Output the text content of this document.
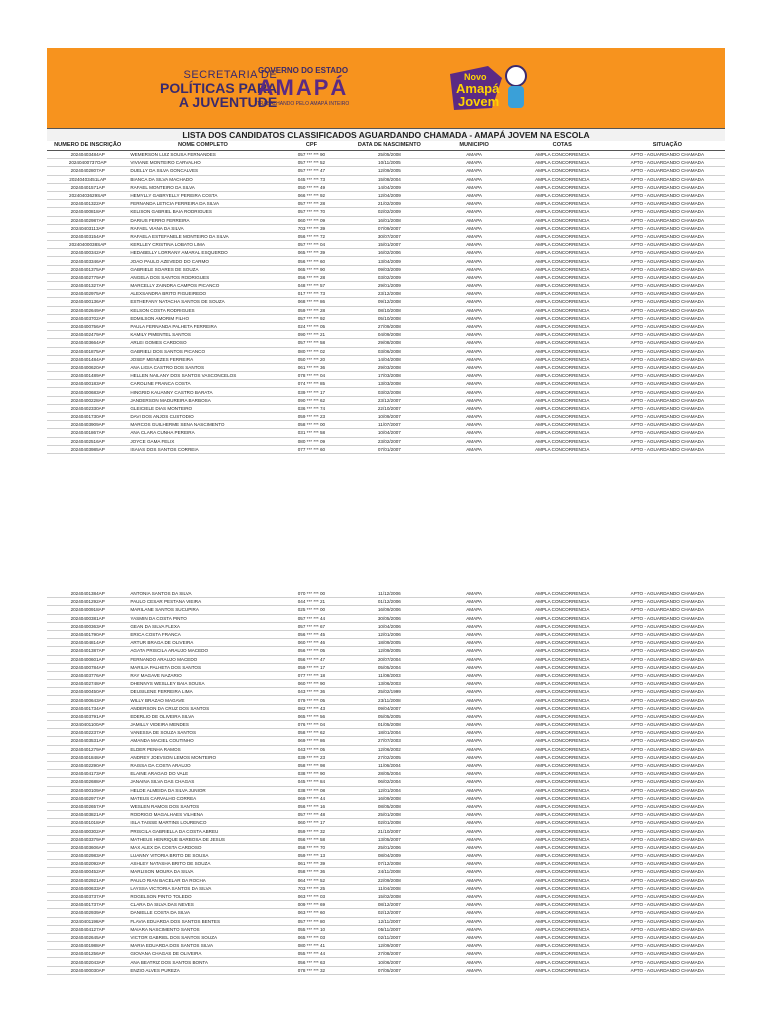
SECRETARIA DE
POLÍTICAS PARA
A JUVENTUDE
GOVERNO DO ESTADO
AMAPÁ
TRABALHANDO PELO AMAPÁ INTEIRO
Novo
Amapá
Jovem
LISTA DOS CANDIDATOS CLASSIFICADOS AGUARDANDO CHAMADA - AMAPÁ JOVEM NA ESCOLA
NUMERO DE INSCRIÇÃO	NOME COMPLETO	CPF	DATA DE NASCIMENTO	MUNICIPIO	COTAS	SITUAÇÃO
20240403484AP	WEMERSON LUIZ SOUSA FERNANDES	057 *** *** 90	25/05/2008	AMAPA	AMPLA CONCORRENCIA	APTO - AGUARDANDO CHAMADA
20240400737OAP	VIVIANE MONTEIRO CARVALHO	057 *** *** 52	10/11/2005	AMAPA	AMPLA CONCORRENCIA	APTO - AGUARDANDO CHAMADA
20240402807AP	DUELLY DA SILVA GONCALVES	057 *** *** 47	12/09/2005	AMAPA	AMPLA CONCORRENCIA	APTO - AGUARDANDO CHAMADA
20240403451LAP	BIANCA DA SILVA MACHADO	045 *** *** 73	15/08/2004	AMAPA	AMPLA CONCORRENCIA	APTO - AGUARDANDO CHAMADA
20240401571AP	RAFAEL MONTEIRO DA SILVA	050 *** *** 49	14/04/2009	AMAPA	AMPLA CONCORRENCIA	APTO - AGUARDANDO CHAMADA
20240403629SAP	HEMYLLY GABRYELLY PEREIRA COSTA	066 *** *** 92	12/04/2009	AMAPA	AMPLA CONCORRENCIA	APTO - AGUARDANDO CHAMADA
20240401322AP	FERNANDA LETICIA FERREIRA DA SILVA	057 *** *** 28	21/02/2009	AMAPA	AMPLA CONCORRENCIA	APTO - AGUARDANDO CHAMADA
20240400818AP	KELISON GABRIEL BAIA RODRIGUES	057 *** *** 70	02/02/2009	AMAPA	AMPLA CONCORRENCIA	APTO - AGUARDANDO CHAMADA
20240402987AP	DARIUS FERRO FERREIRA	060 *** *** 09	16/01/2008	AMAPA	AMPLA CONCORRENCIA	APTO - AGUARDANDO CHAMADA
20240403113AP	RAFAEL VIANA DA SILVA	703 *** *** 39	07/09/2007	AMAPA	AMPLA CONCORRENCIA	APTO - AGUARDANDO CHAMADA
20240403154AP	RAFAELA ESTEFANELE MONTEIRO DA SILVA	056 *** *** 72	30/07/2007	AMAPA	AMPLA CONCORRENCIA	APTO - AGUARDANDO CHAMADA
20240400038SAP	KERLLEY CRISTINA LOBATO LIMA	057 *** *** 04	15/01/2007	AMAPA	AMPLA CONCORRENCIA	APTO - AGUARDANDO CHAMADA
20240400342AP	HEDABELLY LORRANY AMARAL ESQUERDO	065 *** *** 39	16/02/2006	AMAPA	AMPLA CONCORRENCIA	APTO - AGUARDANDO CHAMADA
20240403346AP	JOAO PAULO AZEVEDO DO CARMO	056 *** *** 60	13/04/2009	AMAPA	AMPLA CONCORRENCIA	APTO - AGUARDANDO CHAMADA
20240401375AP	GABRIELE SOARES DE SOUZA	065 *** *** 90	09/03/2009	AMAPA	AMPLA CONCORRENCIA	APTO - AGUARDANDO CHAMADA
20240402779AP	ANGELA DOS SANTOS RODRIGUES	056 *** *** 28	03/02/2009	AMAPA	AMPLA CONCORRENCIA	APTO - AGUARDANDO CHAMADA
20240401327AP	MARCELLY ZAINDRA CAMPOS PICANCO	048 *** *** 57	29/01/2009	AMAPA	AMPLA CONCORRENCIA	APTO - AGUARDANDO CHAMADA
20240402975AP	ALEXSANDRA BRITO FIGUEIREDO	017 *** *** 73	23/12/2008	AMAPA	AMPLA CONCORRENCIA	APTO - AGUARDANDO CHAMADA
20240400136AP	ESTHEFANY NATACHA SANTOS DE SOUZA	068 *** *** 86	09/12/2008	AMAPA	AMPLA CONCORRENCIA	APTO - AGUARDANDO CHAMADA
20240402649AP	KELSON COSTA RODRIGUES	059 *** *** 28	08/10/2008	AMAPA	AMPLA CONCORRENCIA	APTO - AGUARDANDO CHAMADA
20240403702AP	EDMILSON AMORIM FILHO	057 *** *** 92	05/10/2008	AMAPA	AMPLA CONCORRENCIA	APTO - AGUARDANDO CHAMADA
20240400756AP	PAULA FERNANDA PALHETA FERREIRA	024 *** *** 05	27/09/2008	AMAPA	AMPLA CONCORRENCIA	APTO - AGUARDANDO CHAMADA
20240402479AP	KAMILY PIMENTEL SANTOS	090 *** *** 21	04/09/2008	AMAPA	AMPLA CONCORRENCIA	APTO - AGUARDANDO CHAMADA
20240403664AP	ARLEI GOMES CARDOSO	057 *** *** 58	29/08/2008	AMAPA	AMPLA CONCORRENCIA	APTO - AGUARDANDO CHAMADA
20240401875AP	GABRIELI DOS SANTOS PICANCO	080 *** *** 02	03/06/2008	AMAPA	AMPLA CONCORRENCIA	APTO - AGUARDANDO CHAMADA
20240401484AP	JOSEF MENEZES FERREIRA	050 *** *** 20	14/04/2008	AMAPA	AMPLA CONCORRENCIA	APTO - AGUARDANDO CHAMADA
20240400620AP	ANA LIGIA CASTRO DOS SANTOS	061 *** *** 36	29/03/2008	AMAPA	AMPLA CONCORRENCIA	APTO - AGUARDANDO CHAMADA
20240401489AP	HELLEN NAILANY DOS SANTOS VASCONCELOS	078 *** *** 04	17/03/2008	AMAPA	AMPLA CONCORRENCIA	APTO - AGUARDANDO CHAMADA
20240400183AP	CAROLINE FRANCA COSTA	074 *** *** 85	13/03/2008	AMAPA	AMPLA CONCORRENCIA	APTO - AGUARDANDO CHAMADA
20240400683AP	HINGRID KAUANNY CASTRO BARATA	039 *** *** 17	03/02/2008	AMAPA	AMPLA CONCORRENCIA	APTO - AGUARDANDO CHAMADA
20240400228AP	JANDERSON MADUREIRA BARBOSA	090 *** *** 62	23/12/2007	AMAPA	AMPLA CONCORRENCIA	APTO - AGUARDANDO CHAMADA
20240402330AP	GLEICIELE DIAS MONTEIRO	036 *** *** 74	22/10/2007	AMAPA	AMPLA CONCORRENCIA	APTO - AGUARDANDO CHAMADA
20240401730AP	DAVI DOS ANJOS CUSTODIO	059 *** *** 23	10/09/2007	AMAPA	AMPLA CONCORRENCIA	APTO - AGUARDANDO CHAMADA
20240403909AP	MARCOS GUILHERME SENA NASCIMENTO	058 *** *** 00	11/07/2007	AMAPA	AMPLA CONCORRENCIA	APTO - AGUARDANDO CHAMADA
20240401867AP	ANA CLARA CUNHA PEREIRA	031 *** *** 58	10/04/2007	AMAPA	AMPLA CONCORRENCIA	APTO - AGUARDANDO CHAMADA
20240402516AP	JOYCE GAMA FELIX	080 *** *** 09	23/02/2007	AMAPA	AMPLA CONCORRENCIA	APTO - AGUARDANDO CHAMADA
20240403985AP	ISAIAS DOS SANTOS CORREIA	077 *** *** 60	07/01/2007	AMAPA	AMPLA CONCORRENCIA	APTO - AGUARDANDO CHAMADA
20240401384AP	ANTONIA SANTOS DA SILVA	070 *** *** 00	11/12/2006	AMAPA	AMPLA CONCORRENCIA	APTO - AGUARDANDO CHAMADA
20240401292AP	PAULO CESAR PESTANA VIEIRA	044 *** *** 21	01/12/2006	AMAPA	AMPLA CONCORRENCIA	APTO - AGUARDANDO CHAMADA
20240400918AP	MARILANE SANTOS SUCUPIRA	025 *** *** 00	16/09/2006	AMAPA	AMPLA CONCORRENCIA	APTO - AGUARDANDO CHAMADA
20240400381AP	YASMIN DA COSTA PINTO	057 *** *** 44	30/05/2006	AMAPA	AMPLA CONCORRENCIA	APTO - AGUARDANDO CHAMADA
20240400363AP	GEAN DA SILVA FLEXA	057 *** *** 67	10/04/2006	AMAPA	AMPLA CONCORRENCIA	APTO - AGUARDANDO CHAMADA
20240401790AP	ERICA COSTA FRANCA	056 *** *** 45	12/01/2006	AMAPA	AMPLA CONCORRENCIA	APTO - AGUARDANDO CHAMADA
20240404814AP	ARTUR BRAGA DE OLIVEIRA	060 *** *** 46	18/09/2005	AMAPA	AMPLA CONCORRENCIA	APTO - AGUARDANDO CHAMADA
20240401387AP	AGATA PRISCILA ARAUJO MACEDO	056 *** *** 05	12/09/2005	AMAPA	AMPLA CONCORRENCIA	APTO - AGUARDANDO CHAMADA
20240400601AP	FERNANDO ARAUJO MACEDO	056 *** *** 47	20/07/2004	AMAPA	AMPLA CONCORRENCIA	APTO - AGUARDANDO CHAMADA
20240400784AP	MARILIA PALHETA DOS SANTOS	059 *** *** 17	05/05/2004	AMAPA	AMPLA CONCORRENCIA	APTO - AGUARDANDO CHAMADA
20240403776AP	RAY MAGAVE NAZARIO	077 *** *** 18	11/08/2003	AMAPA	AMPLA CONCORRENCIA	APTO - AGUARDANDO CHAMADA
20240402748AP	DHENNYS WESLLEY BAIA SOUSA	060 *** *** 90	13/06/2003	AMAPA	AMPLA CONCORRENCIA	APTO - AGUARDANDO CHAMADA
20240400450AP	DEUSILENE FERREIRA LIMA	043 *** *** 36	25/02/1999	AMAPA	AMPLA CONCORRENCIA	APTO - AGUARDANDO CHAMADA
20240400643AP	WILLY BRAZAO MAGAVE	079 *** *** 05	23/11/2008	AMAPA	AMPLA CONCORRENCIA	APTO - AGUARDANDO CHAMADA
20240401734AP	ANDERSON DA CRUZ DOS SANTOS	082 *** *** 43	09/04/2007	AMAPA	AMPLA CONCORRENCIA	APTO - AGUARDANDO CHAMADA
20240403791AP	EDERLIO DE OLIVEIRA SILVA	065 *** *** 56	05/05/2005	AMAPA	AMPLA CONCORRENCIA	APTO - AGUARDANDO CHAMADA
20240401100AP	JAMILLY VIDEIRA MENDES	076 *** *** 04	01/05/2008	AMAPA	AMPLA CONCORRENCIA	APTO - AGUARDANDO CHAMADA
20240402237AP	VANESSA DE SOUZA SANTOS	058 *** *** 62	18/01/2004	AMAPA	AMPLA CONCORRENCIA	APTO - AGUARDANDO CHAMADA
20240403531AP	AMANDA MACIEL COUTINHO	069 *** *** 86	27/07/2003	AMAPA	AMPLA CONCORRENCIA	APTO - AGUARDANDO CHAMADA
20240401279AP	ELDER PENHA RAMOS	043 *** *** 05	12/06/2002	AMAPA	AMPLA CONCORRENCIA	APTO - AGUARDANDO CHAMADA
20240401848AP	ANDREY JOEVSON LEMOS MONTEIRO	039 *** *** 23	27/02/2005	AMAPA	AMPLA CONCORRENCIA	APTO - AGUARDANDO CHAMADA
20240402290AP	RAISSA DA COSTA ARAUJO	058 *** *** 98	11/06/2004	AMAPA	AMPLA CONCORRENCIA	APTO - AGUARDANDO CHAMADA
20240404173AP	ELAINE ARAGAO DO VALE	038 *** *** 90	28/05/2004	AMAPA	AMPLA CONCORRENCIA	APTO - AGUARDANDO CHAMADA
20240402688AP	JANAINA SILVA DAS CHAGAS	045 *** *** 84	06/02/2004	AMAPA	AMPLA CONCORRENCIA	APTO - AGUARDANDO CHAMADA
20240400109AP	HELDE ALMEIDA DA SILVA JUNIOR	038 *** *** 08	12/01/2004	AMAPA	AMPLA CONCORRENCIA	APTO - AGUARDANDO CHAMADA
20240402977AP	MATEUS CARVALHO CORREA	069 *** *** 44	16/09/2008	AMAPA	AMPLA CONCORRENCIA	APTO - AGUARDANDO CHAMADA
20240402657AP	WESLEN RAMOS DOS SANTOS	056 *** *** 16	08/05/2008	AMAPA	AMPLA CONCORRENCIA	APTO - AGUARDANDO CHAMADA
20240403821AP	RODRIGO MAGALHAES VILHENA	057 *** *** 48	25/01/2008	AMAPA	AMPLA CONCORRENCIA	APTO - AGUARDANDO CHAMADA
20240401018AP	ISLA TAISSE MARTINS LOURENCO	060 *** *** 17	02/01/2008	AMAPA	AMPLA CONCORRENCIA	APTO - AGUARDANDO CHAMADA
20240400302AP	PRISCILA GABRIELLA DA COSTA ABREU	059 *** *** 32	21/10/2007	AMAPA	AMPLA CONCORRENCIA	APTO - AGUARDANDO CHAMADA
20240403379AP	MATHEUS HENRIQUE BARBOSA DE JESUS	056 *** *** 58	13/05/2007	AMAPA	AMPLA CONCORRENCIA	APTO - AGUARDANDO CHAMADA
20240403606AP	MAX ALEX DA COSTA CARDOSO	058 *** *** 70	25/01/2006	AMAPA	AMPLA CONCORRENCIA	APTO - AGUARDANDO CHAMADA
20240402983AP	LUANNY VITORIA BRITO DE SOUSA	059 *** *** 13	08/04/2009	AMAPA	AMPLA CONCORRENCIA	APTO - AGUARDANDO CHAMADA
20240402092AP	ASHLEY NATASHA BRITO DE SOUZA	061 *** *** 39	07/12/2008	AMAPA	AMPLA CONCORRENCIA	APTO - AGUARDANDO CHAMADA
20240400452AP	MARLISON MOURA DA SILVA	058 *** *** 36	24/11/2008	AMAPA	AMPLA CONCORRENCIA	APTO - AGUARDANDO CHAMADA
20240402921AP	PAULO RIAN BACELAR DA ROCHA	064 *** *** 52	22/09/2008	AMAPA	AMPLA CONCORRENCIA	APTO - AGUARDANDO CHAMADA
20240400633AP	LAYSSA VICTORIA SANTOS DA SILVA	703 *** *** 25	11/04/2008	AMAPA	AMPLA CONCORRENCIA	APTO - AGUARDANDO CHAMADA
20240403737AP	ROGELSON PINTO TOLEDO	063 *** *** 03	15/02/2008	AMAPA	AMPLA CONCORRENCIA	APTO - AGUARDANDO CHAMADA
20240401737AP	CLARA DA SILVA DAS NEVES	009 *** *** 69	08/12/2007	AMAPA	AMPLA CONCORRENCIA	APTO - AGUARDANDO CHAMADA
20240402939AP	DANIELLE COSTA DA SILVA	063 *** *** 60	02/12/2007	AMAPA	AMPLA CONCORRENCIA	APTO - AGUARDANDO CHAMADA
20240401198AP	FLAVIA EDUARDA DOS SANTOS BENTES	057 *** *** 80	12/11/2007	AMAPA	AMPLA CONCORRENCIA	APTO - AGUARDANDO CHAMADA
20240404127AP	MAIARA NASCIMENTO SANTOS	055 *** *** 10	05/11/2007	AMAPA	AMPLA CONCORRENCIA	APTO - AGUARDANDO CHAMADA
20240402645AP	VICTOR GABRIEL DOS SANTOS SOUZA	065 *** *** 03	02/11/2007	AMAPA	AMPLA CONCORRENCIA	APTO - AGUARDANDO CHAMADA
20240401988AP	MARIA EDUARDA DOS SANTOS SILVA	080 *** *** 41	12/09/2007	AMAPA	AMPLA CONCORRENCIA	APTO - AGUARDANDO CHAMADA
20240401256AP	GIOVANA CHAGAS DE OLIVEIRA	055 *** *** 44	27/08/2007	AMAPA	AMPLA CONCORRENCIA	APTO - AGUARDANDO CHAMADA
20240402043AP	ANA BEATRIZ DOS SANTOS BONTA	056 *** *** 63	10/06/2007	AMAPA	AMPLA CONCORRENCIA	APTO - AGUARDANDO CHAMADA
20240400030AP	ENZIO ALVES PUREZA	078 *** *** 32	07/05/2007	AMAPA	AMPLA CONCORRENCIA	APTO - AGUARDANDO CHAMADA
